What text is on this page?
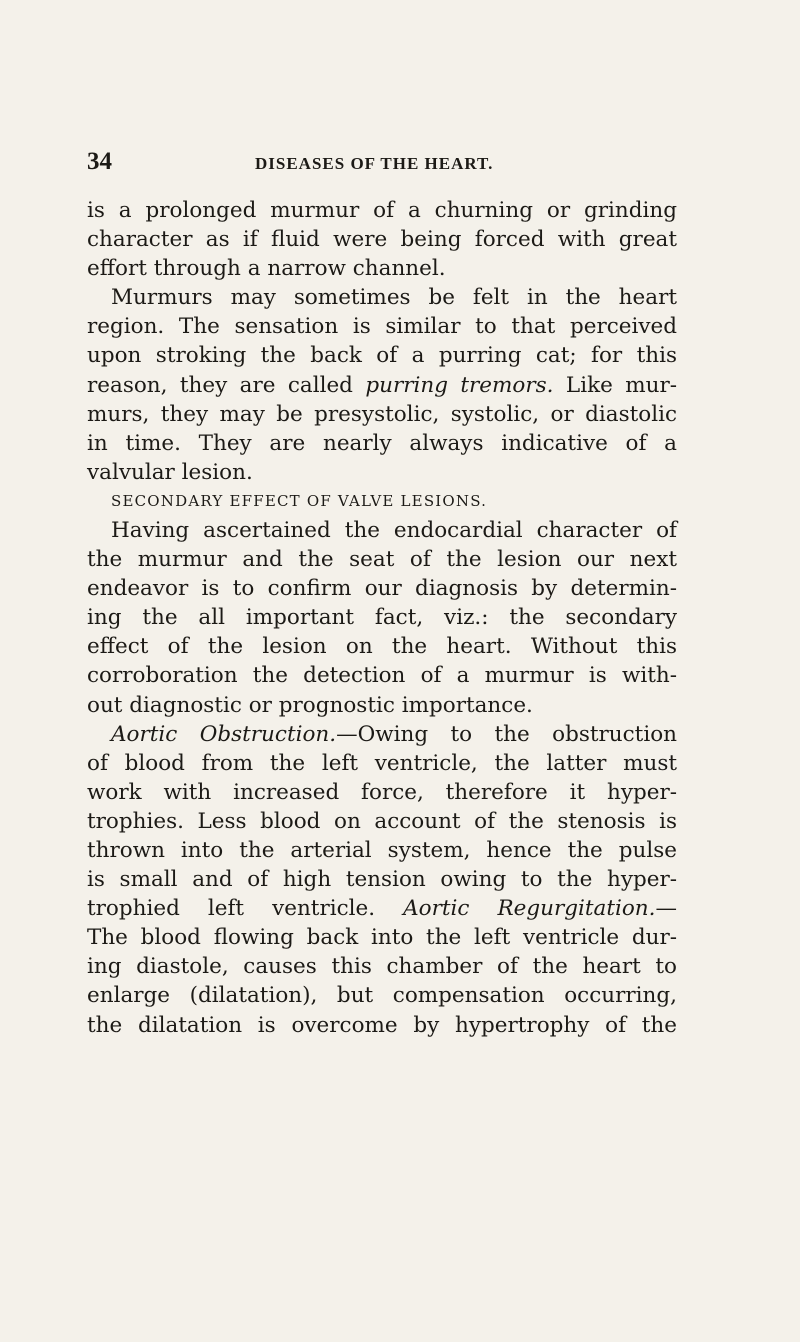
34	DISEASES OF THE HEART.
is a prolonged murmur of a churning or grinding
character as if fluid were being forced with great
effort through a narrow channel.
Murmurs may sometimes be felt in the heart
region. The sensation is similar to that perceived
upon stroking the back of a purring cat; for this
reason, they are called purring tremors. Like mur-
murs, they may be presystolic, systolic, or diastolic
in time. They are nearly always indicative of a
valvular lesion.
SECONDARY EFFECT OF VALVE LESIONS.
Having ascertained the endocardial character of
the murmur and the seat of the lesion our next
endeavor is to confirm our diagnosis by determin-
ing the all important fact, viz.: the secondary
effect of the lesion on the heart. Without this
corroboration the detection of a murmur is with-
out diagnostic or prognostic importance.
Aortic Obstruction.—Owing to the obstruction
of blood from the left ventricle, the latter must
work with increased force, therefore it hyper-
trophies. Less blood on account of the stenosis is
thrown into the arterial system, hence the pulse
is small and of high tension owing to the hyper-
trophied left ventricle. Aortic Regurgitation.—
The blood flowing back into the left ventricle dur-
ing diastole, causes this chamber of the heart to
enlarge (dilatation), but compensation occurring,
the dilatation is overcome by hypertrophy of the
